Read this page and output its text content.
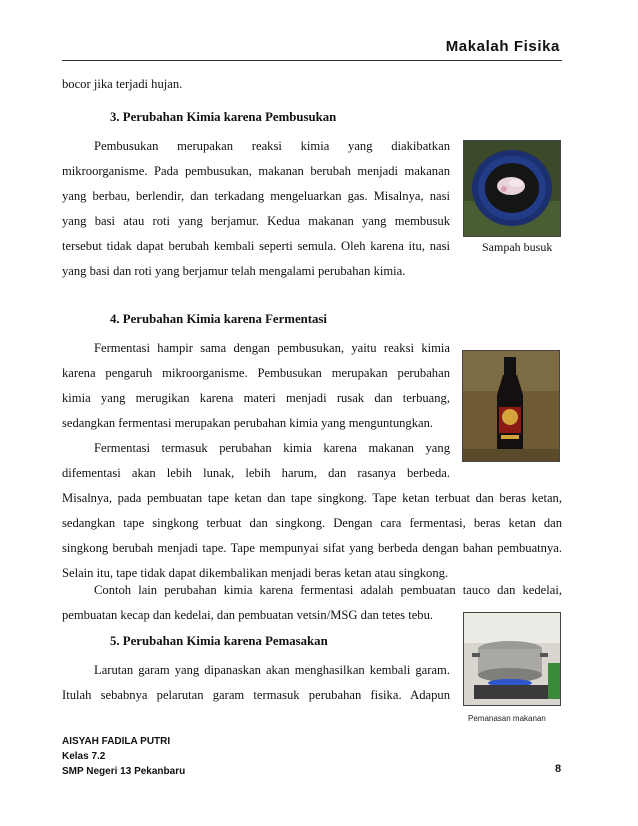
Makalah Fisika
bocor jika terjadi hujan.
3. Perubahan Kimia karena Pembusukan
Pembusukan merupakan reaksi kimia yang diakibatkan
mikroorganisme. Pada pembusukan, makanan berubah menjadi makanan
yang berbau, berlendir, dan terkadang mengeluarkan gas. Misalnya, nasi
yang basi atau roti yang berjamur. Kedua makanan yang membusuk
tersebut tidak dapat berubah kembali seperti semula. Oleh karena itu, nasi
yang basi dan roti yang berjamur telah mengalami perubahan kimia.
Sampah busuk
4. Perubahan Kimia karena Fermentasi
Fermentasi hampir sama dengan pembusukan, yaitu reaksi kimia
karena pengaruh mikroorganisme. Pembusukan merupakan perubahan
kimia yang merugikan karena materi menjadi rusak dan terbuang,
sedangkan fermentasi merupakan perubahan kimia yang menguntungkan.
Fermentasi termasuk perubahan kimia karena makanan yang
difementasi akan lebih lunak, lebih harum, dan rasanya berbeda.
Misalnya, pada pembuatan tape ketan dan tape singkong. Tape ketan terbuat dan beras ketan,
sedangkan tape singkong terbuat dan singkong. Dengan cara fermentasi, beras ketan dan
singkong berubah menjadi tape. Tape mempunyai sifat yang berbeda dengan bahan pembuatnya.
Selain itu, tape tidak dapat dikembalikan menjadi beras ketan atau singkong.
Contoh lain perubahan kimia karena fermentasi adalah pembuatan tauco dan kedelai,
pembuatan kecap dan kedelai, dan pembuatan vetsin/MSG dan tetes tebu.
5. Perubahan Kimia karena Pemasakan
Pemanasan makanan
Larutan garam yang dipanaskan akan menghasilkan kembali garam.
Itulah sebabnya pelarutan garam termasuk perubahan fisika. Adapun
AISYAH FADILA PUTRI
Kelas 7.2
SMP Negeri 13 Pekanbaru	8
